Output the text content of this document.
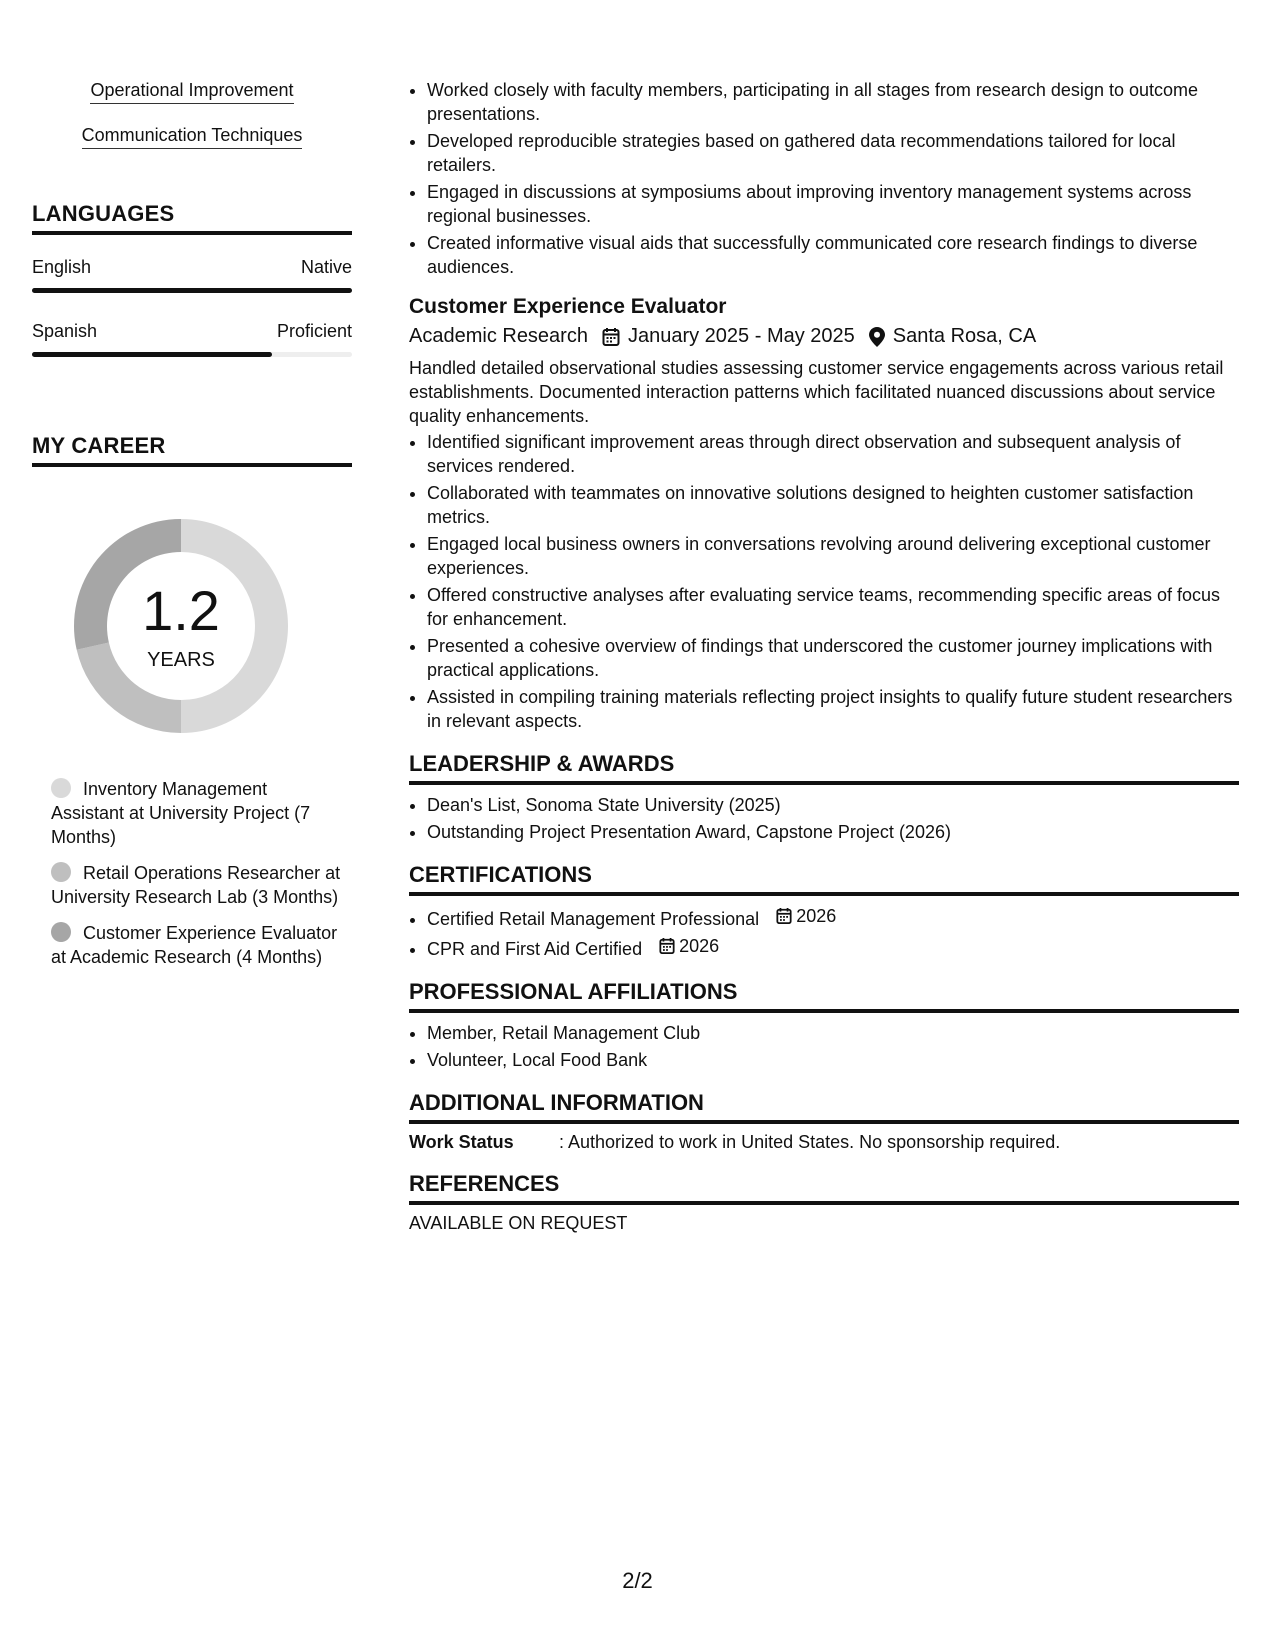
Operational Improvement
Communication Techniques
LANGUAGES
English	Native
Spanish	Proficient
MY CAREER
1.2
YEARS
Inventory Management Assistant at University Project (7 Months)
Retail Operations Researcher at University Research Lab (3 Months)
Customer Experience Evaluator at Academic Research (4 Months)
• Worked closely with faculty members, participating in all stages from research design to outcome presentations.
• Developed reproducible strategies based on gathered data recommendations tailored for local retailers.
• Engaged in discussions at symposiums about improving inventory management systems across regional businesses.
• Created informative visual aids that successfully communicated core research findings to diverse audiences.
Customer Experience Evaluator
Academic Research January 2025 - May 2025 Santa Rosa, CA
Handled detailed observational studies assessing customer service engagements across various retail establishments. Documented interaction patterns which facilitated nuanced discussions about service quality enhancements.
• Identified significant improvement areas through direct observation and subsequent analysis of services rendered.
• Collaborated with teammates on innovative solutions designed to heighten customer satisfaction metrics.
• Engaged local business owners in conversations revolving around delivering exceptional customer experiences.
• Offered constructive analyses after evaluating service teams, recommending specific areas of focus for enhancement.
• Presented a cohesive overview of findings that underscored the customer journey implications with practical applications.
• Assisted in compiling training materials reflecting project insights to qualify future student researchers in relevant aspects.
LEADERSHIP & AWARDS
• Dean's List, Sonoma State University (2025)
• Outstanding Project Presentation Award, Capstone Project (2026)
CERTIFICATIONS
• Certified Retail Management Professional 2026
• CPR and First Aid Certified 2026
PROFESSIONAL AFFILIATIONS
• Member, Retail Management Club
• Volunteer, Local Food Bank
ADDITIONAL INFORMATION
Work Status	: Authorized to work in United States. No sponsorship required.
REFERENCES
AVAILABLE ON REQUEST
2/2
